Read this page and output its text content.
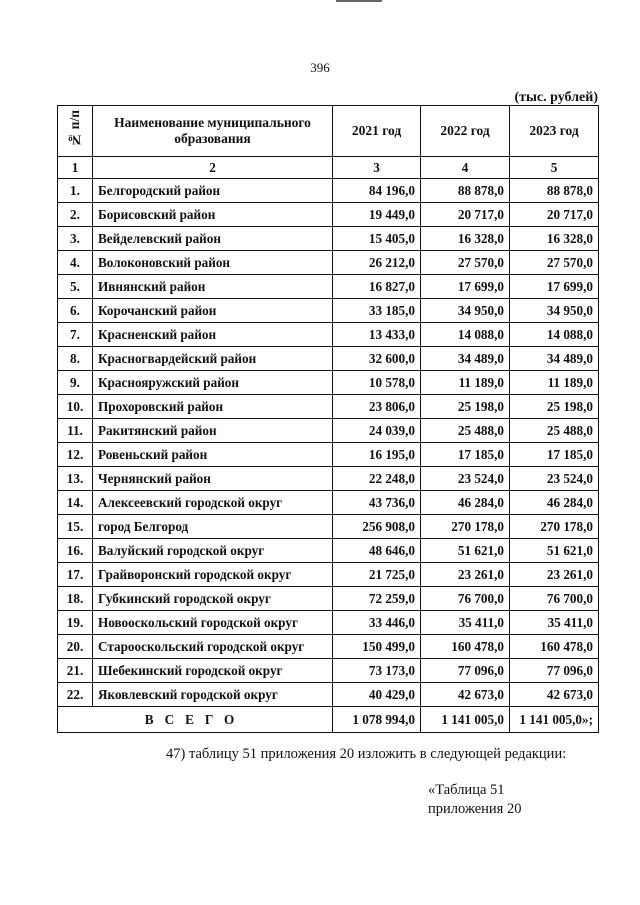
396
(тыс. рублей)
№ п/п	Наименование муниципального образования	2021 год	2022 год	2023 год
1	2	3	4	5
1.	Белгородский район	84 196,0	88 878,0	88 878,0
2.	Борисовский район	19 449,0	20 717,0	20 717,0
3.	Вейделевский район	15 405,0	16 328,0	16 328,0
4.	Волоконовский район	26 212,0	27 570,0	27 570,0
5.	Ивнянский район	16 827,0	17 699,0	17 699,0
6.	Корочанский район	33 185,0	34 950,0	34 950,0
7.	Красненский район	13 433,0	14 088,0	14 088,0
8.	Красногвардейский район	32 600,0	34 489,0	34 489,0
9.	Краснояружский район	10 578,0	11 189,0	11 189,0
10.	Прохоровский район	23 806,0	25 198,0	25 198,0
11.	Ракитянский район	24 039,0	25 488,0	25 488,0
12.	Ровеньский район	16 195,0	17 185,0	17 185,0
13.	Чернянский район	22 248,0	23 524,0	23 524,0
14.	Алексеевский городской округ	43 736,0	46 284,0	46 284,0
15.	город Белгород	256 908,0	270 178,0	270 178,0
16.	Валуйский городской округ	48 646,0	51 621,0	51 621,0
17.	Грайворонский городской округ	21 725,0	23 261,0	23 261,0
18.	Губкинский городской округ	72 259,0	76 700,0	76 700,0
19.	Новооскольский городской округ	33 446,0	35 411,0	35 411,0
20.	Старооскольский городской округ	150 499,0	160 478,0	160 478,0
21.	Шебекинский городской округ	73 173,0	77 096,0	77 096,0
22.	Яковлевский городской округ	40 429,0	42 673,0	42 673,0
ВСЕГО		1 078 994,0	1 141 005,0	1 141 005,0»;
47) таблицу 51 приложения 20 изложить в следующей редакции:
«Таблица 51
приложения 20
